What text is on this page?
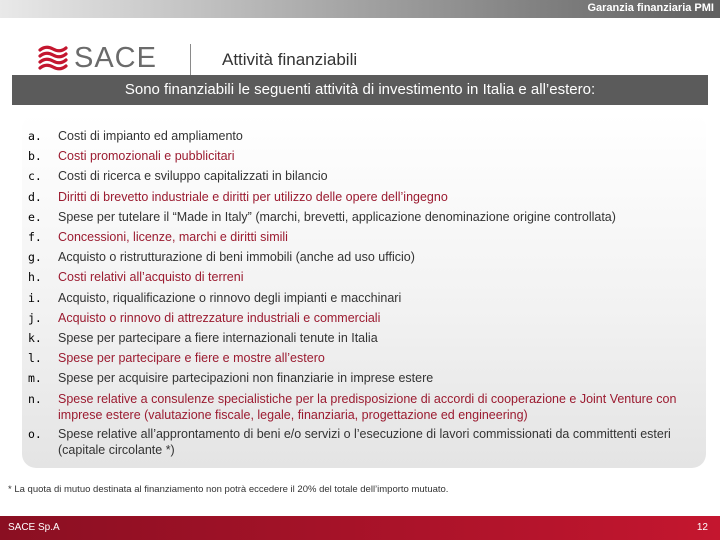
Garanzia finanziaria PMI
SACE	Attività finanziabili
Sono finanziabili le seguenti attività di investimento in Italia e all’estero:
a. Costi di impianto ed ampliamento
b. Costi promozionali e pubblicitari
c. Costi di ricerca e sviluppo capitalizzati in bilancio
d. Diritti di brevetto industriale e diritti per utilizzo delle opere dell’ingegno
e. Spese per tutelare il “Made in Italy” (marchi, brevetti, applicazione denominazione origine controllata)
f. Concessioni, licenze, marchi e diritti simili
g. Acquisto o ristrutturazione di beni immobili (anche ad uso ufficio)
h. Costi relativi all’acquisto di terreni
i. Acquisto, riqualificazione o rinnovo degli impianti e macchinari
j. Acquisto o rinnovo di attrezzature industriali e commerciali
k. Spese per partecipare a fiere internazionali tenute in Italia
l. Spese per partecipare e fiere e mostre all’estero
m. Spese per acquisire partecipazioni non finanziarie in imprese estere
n. Spese relative a consulenze specialistiche per la predisposizione di accordi di cooperazione e Joint Venture con imprese estere (valutazione fiscale, legale, finanziaria, progettazione ed engineering)
o. Spese relative all’approntamento di beni e/o servizi o l’esecuzione di lavori commissionati da committenti esteri (capitale circolante *)
* La quota di mutuo destinata al finanziamento non potrà eccedere il 20% del totale dell’importo mutuato.
SACE Sp.A	12
